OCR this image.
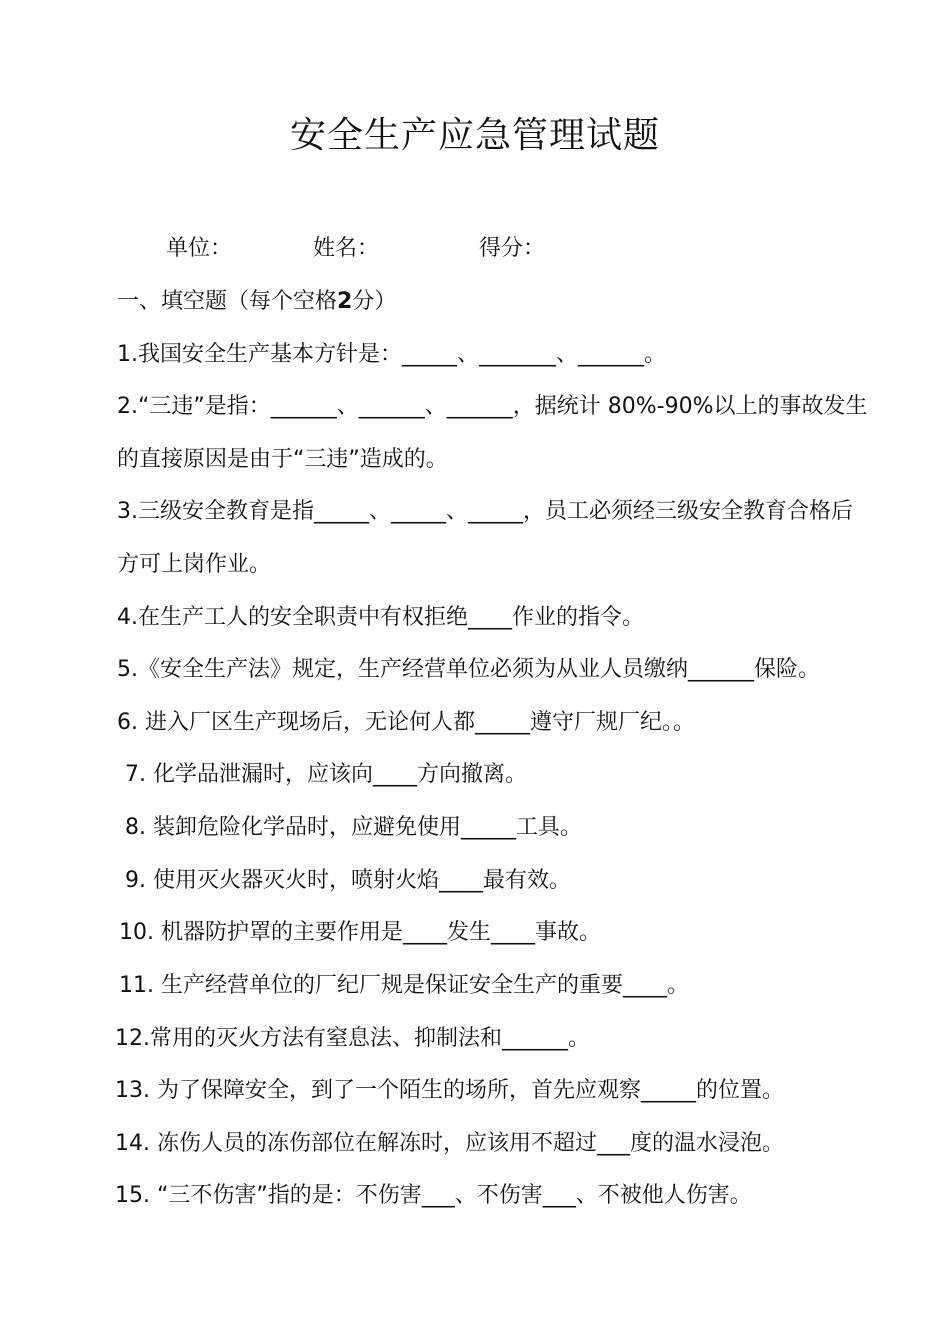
安全生产应急管理试题
单位：	姓名：	得分：
一、填空题（每个空格2分）
1.我国安全生产基本方针是：_____、_______、______。
2.“三违”是指：______、______、______，据统计 80%-90%以上的事故发生
的直接原因是由于“三违”造成的。
3.三级安全教育是指_____、_____、_____，员工必须经三级安全教育合格后
方可上岗作业。
4.在生产工人的安全职责中有权拒绝____作业的指令。
5.《安全生产法》规定，生产经营单位必须为从业人员缴纳______保险。
6. 进入厂区生产现场后，无论何人都_____遵守厂规厂纪。。
7. 化学品泄漏时，应该向____方向撤离。
8. 装卸危险化学品时，应避免使用_____工具。
9. 使用灭火器灭火时，喷射火焰____最有效。
10. 机器防护罩的主要作用是____发生____事故。
11. 生产经营单位的厂纪厂规是保证安全生产的重要____。
12.常用的灭火方法有窒息法、抑制法和______。
13. 为了保障安全，到了一个陌生的场所，首先应观察_____的位置。
14. 冻伤人员的冻伤部位在解冻时，应该用不超过___度的温水浸泡。
15. “三不伤害”指的是：不伤害___、不伤害___、不被他人伤害。
